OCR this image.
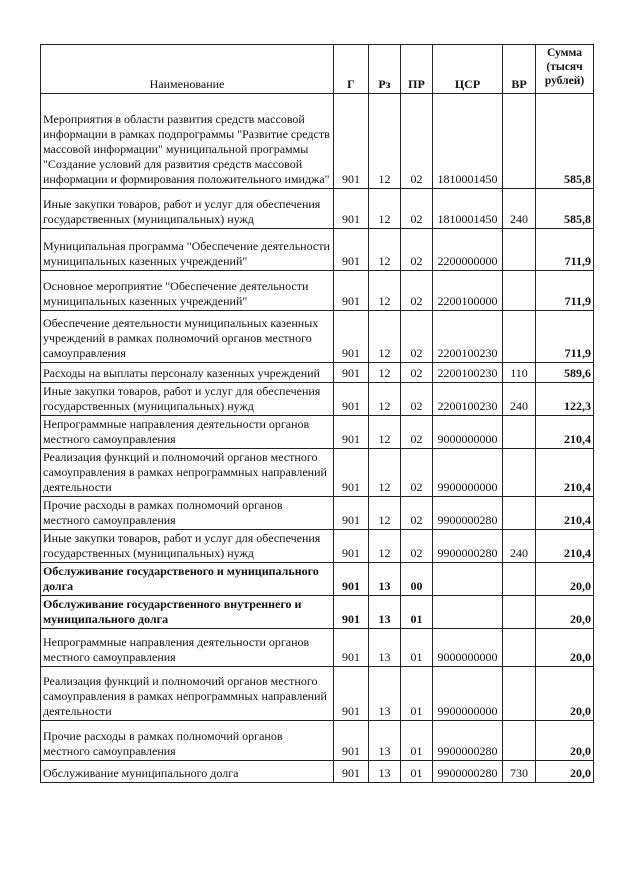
Наименование	Г	Рз	ПР	ЦСР	ВР	Сумма (тысяч рублей)
Мероприятия в области развития средств массовой информации в рамках подпрограммы "Развитие средств массовой информации" муниципальной программы "Создание условий для развития средств массовой информации и формирования положительного имиджа"	901	12	02	1810001450		585,8
Иные закупки товаров, работ и услуг для обеспечения государственных (муниципальных) нужд	901	12	02	1810001450	240	585,8
Муниципальная программа "Обеспечение деятельности муниципальных казенных учреждений"	901	12	02	2200000000		711,9
Основное мероприятие "Обеспечение деятельности муниципальных казенных учреждений"	901	12	02	2200100000		711,9
Обеспечение деятельности муниципальных казенных учреждений в рамках полномочий органов местного самоуправления	901	12	02	2200100230		711,9
Расходы на выплаты персоналу казенных учреждений	901	12	02	2200100230	110	589,6
Иные закупки товаров, работ и услуг для обеспечения государственных (муниципальных) нужд	901	12	02	2200100230	240	122,3
Непрограммные направления деятельности органов местного самоуправления	901	12	02	9000000000		210,4
Реализация функций и полномочий органов местного самоуправления в рамках непрограммных направлений деятельности	901	12	02	9900000000		210,4
Прочие расходы в рамках полномочий органов местного самоуправления	901	12	02	9900000280		210,4
Иные закупки товаров, работ и услуг для обеспечения государственных (муниципальных) нужд	901	12	02	9900000280	240	210,4
Обслуживание государственого и муниципального долга	901	13	00			20,0
Обслуживание государственного внутреннего и муниципального долга	901	13	01			20,0
Непрограммные направления деятельности органов местного самоуправления	901	13	01	9000000000		20,0
Реализация функций и полномочий органов местного самоуправления в рамках непрограммных направлений деятельности	901	13	01	9900000000		20,0
Прочие расходы в рамках полномочий органов местного самоуправления	901	13	01	9900000280		20,0
Обслуживание муниципального долга	901	13	01	9900000280	730	20,0
